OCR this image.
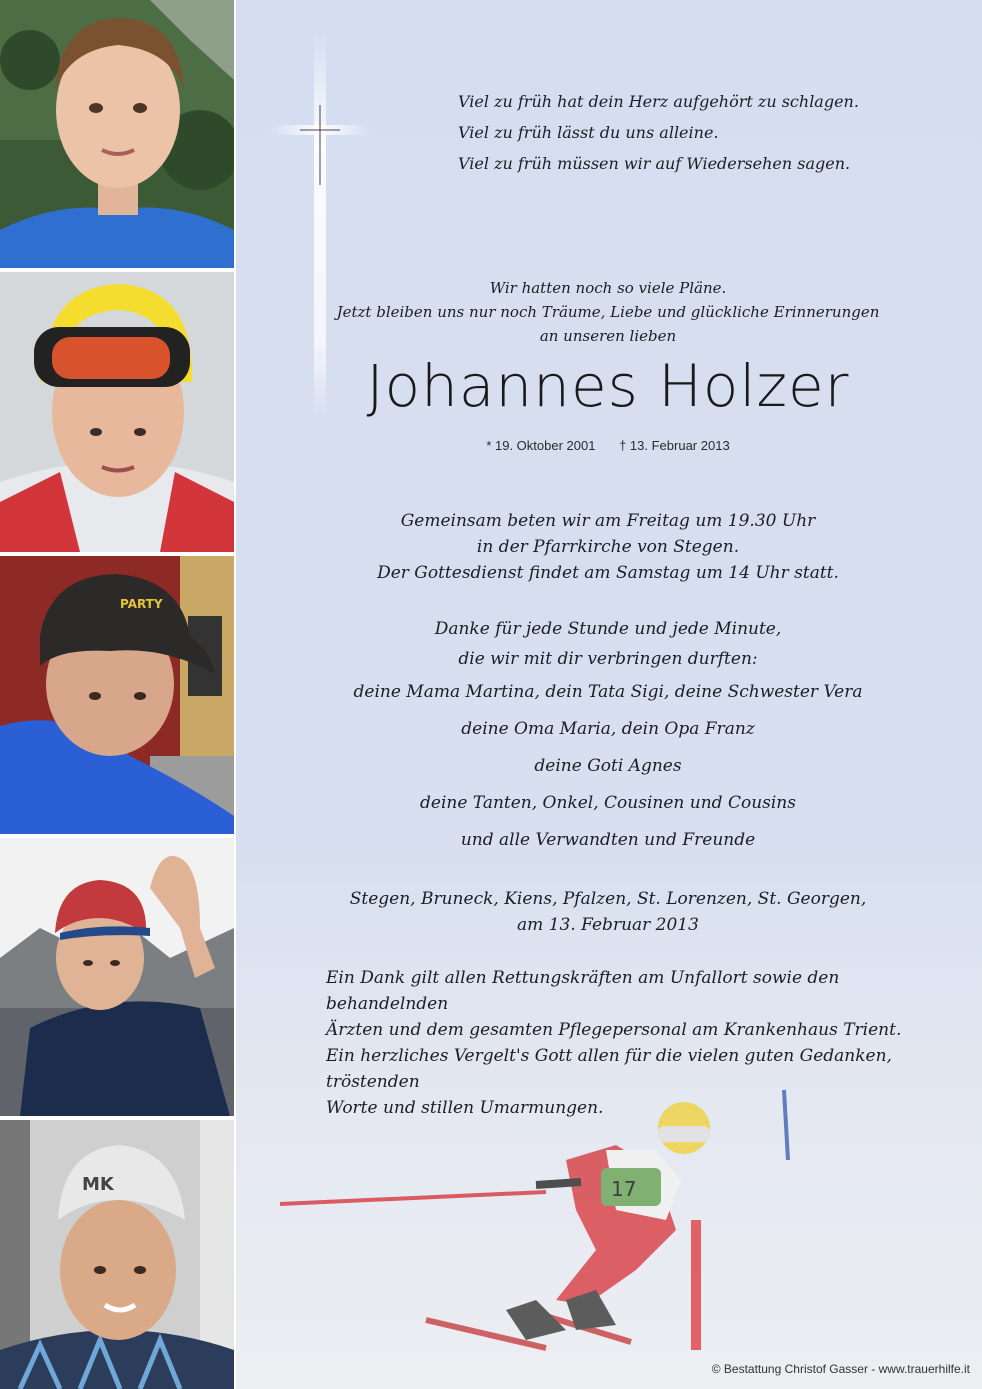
PARTY
MK
Viel zu früh hat dein Herz aufgehört zu schlagen.
Viel zu früh lässt du uns alleine.
Viel zu früh müssen wir auf Wiedersehen sagen.
Wir hatten noch so viele Pläne.
Jetzt bleiben uns nur noch Träume, Liebe und glückliche Erinnerungen
an unseren lieben
Johannes Holzer
* 19. Oktober 2001 † 13. Februar 2013
Gemeinsam beten wir am Freitag um 19.30 Uhr
in der Pfarrkirche von Stegen.
Der Gottesdienst findet am Samstag um 14 Uhr statt.
Danke für jede Stunde und jede Minute,
die wir mit dir verbringen durften:
deine Mama Martina, dein Tata Sigi, deine Schwester Vera
deine Oma Maria, dein Opa Franz
deine Goti Agnes
deine Tanten, Onkel, Cousinen und Cousins
und alle Verwandten und Freunde
Stegen, Bruneck, Kiens, Pfalzen, St. Lorenzen, St. Georgen,
am 13. Februar 2013
Ein Dank gilt allen Rettungskräften am Unfallort sowie den behandelnden
Ärzten und dem gesamten Pflegepersonal am Krankenhaus Trient.
Ein herzliches Vergelt's Gott allen für die vielen guten Gedanken, tröstenden
Worte und stillen Umarmungen.
17
© Bestattung Christof Gasser - www.trauerhilfe.it
